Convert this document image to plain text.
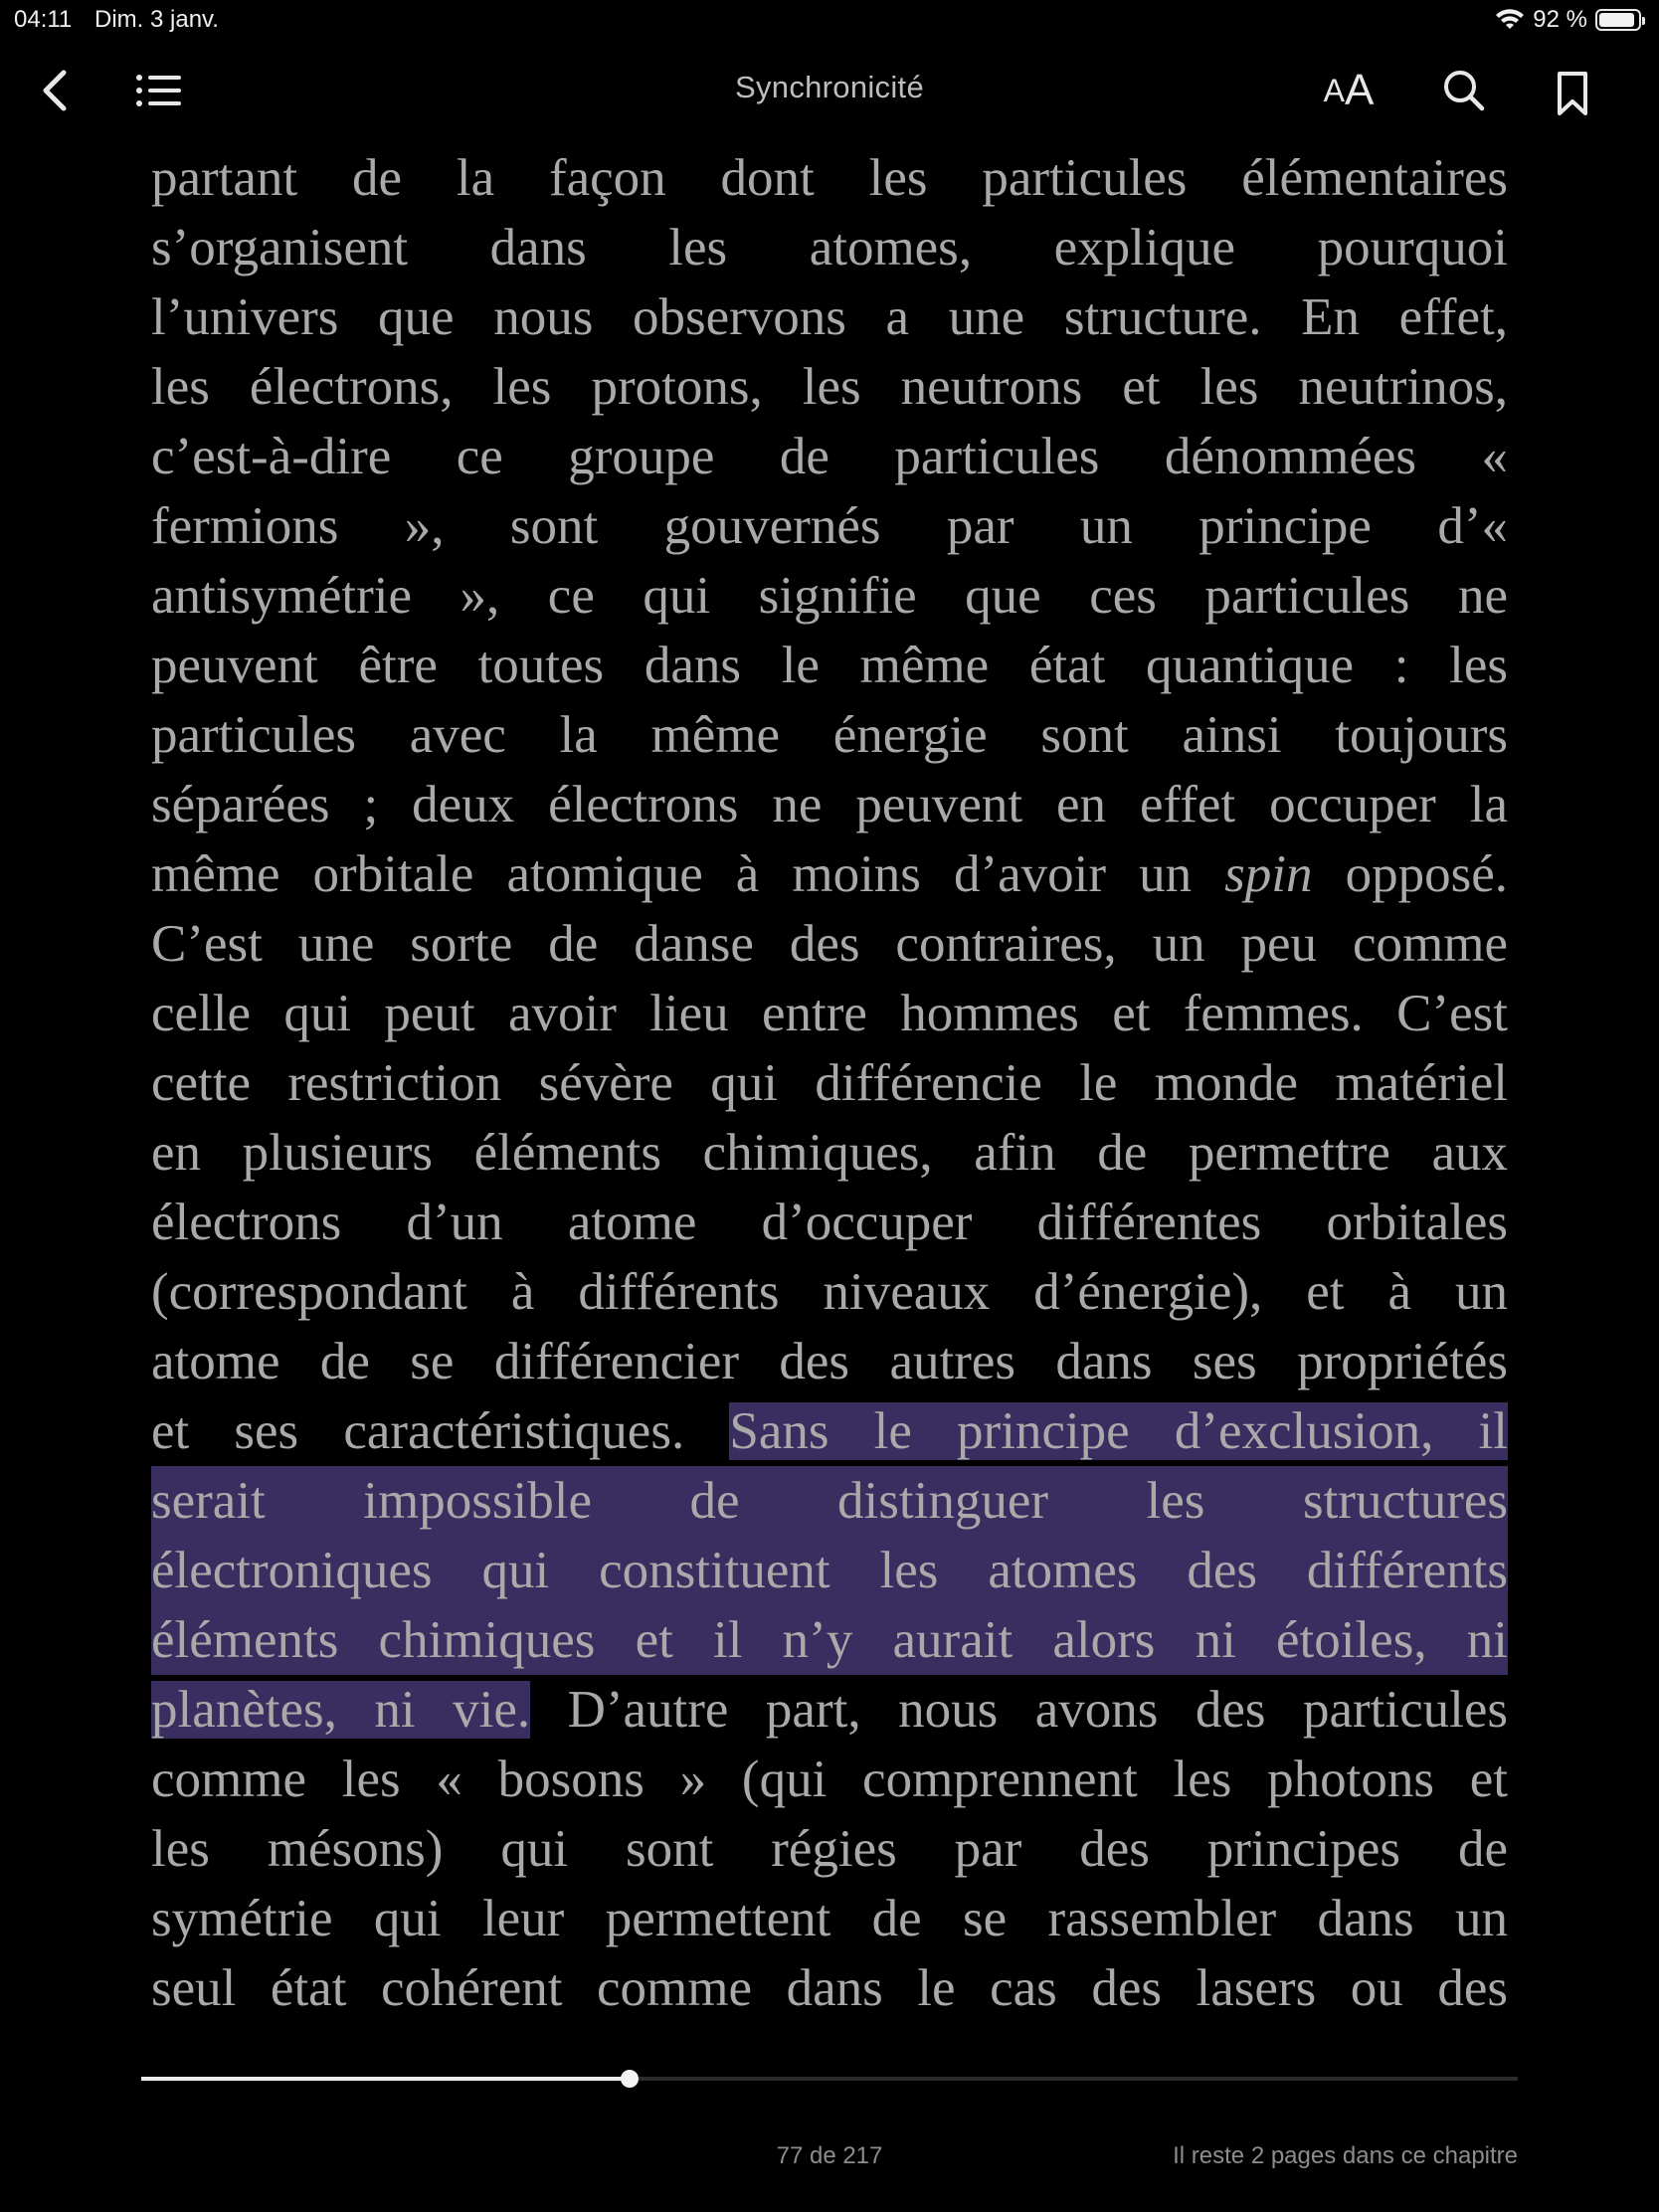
04:11 Dim. 3 janv.	92 %
Synchronicité	A A
partant de la façon dont les particules élémentaires
s’organisent dans les atomes, explique pourquoi
l’univers que nous observons a une structure. En effet,
les électrons, les protons, les neutrons et les neutrinos,
c’est-à-dire ce groupe de particules dénommées «
fermions », sont gouvernés par un principe d’«
antisymétrie », ce qui signifie que ces particules ne
peuvent être toutes dans le même état quantique : les
particules avec la même énergie sont ainsi toujours
séparées ; deux électrons ne peuvent en effet occuper la
même orbitale atomique à moins d’avoir un spin opposé.
C’est une sorte de danse des contraires, un peu comme
celle qui peut avoir lieu entre hommes et femmes. C’est
cette restriction sévère qui différencie le monde matériel
en plusieurs éléments chimiques, afin de permettre aux
électrons d’un atome d’occuper différentes orbitales
(correspondant à différents niveaux d’énergie), et à un
atome de se différencier des autres dans ses propriétés
et ses caractéristiques. Sans le principe d’exclusion, il
serait impossible de distinguer les structures
électroniques qui constituent les atomes des différents
éléments chimiques et il n’y aurait alors ni étoiles, ni
planètes, ni vie. D’autre part, nous avons des particules
comme les « bosons » (qui comprennent les photons et
les mésons) qui sont régies par des principes de
symétrie qui leur permettent de se rassembler dans un
seul état cohérent comme dans le cas des lasers ou des
77 de 217	Il reste 2 pages dans ce chapitre
